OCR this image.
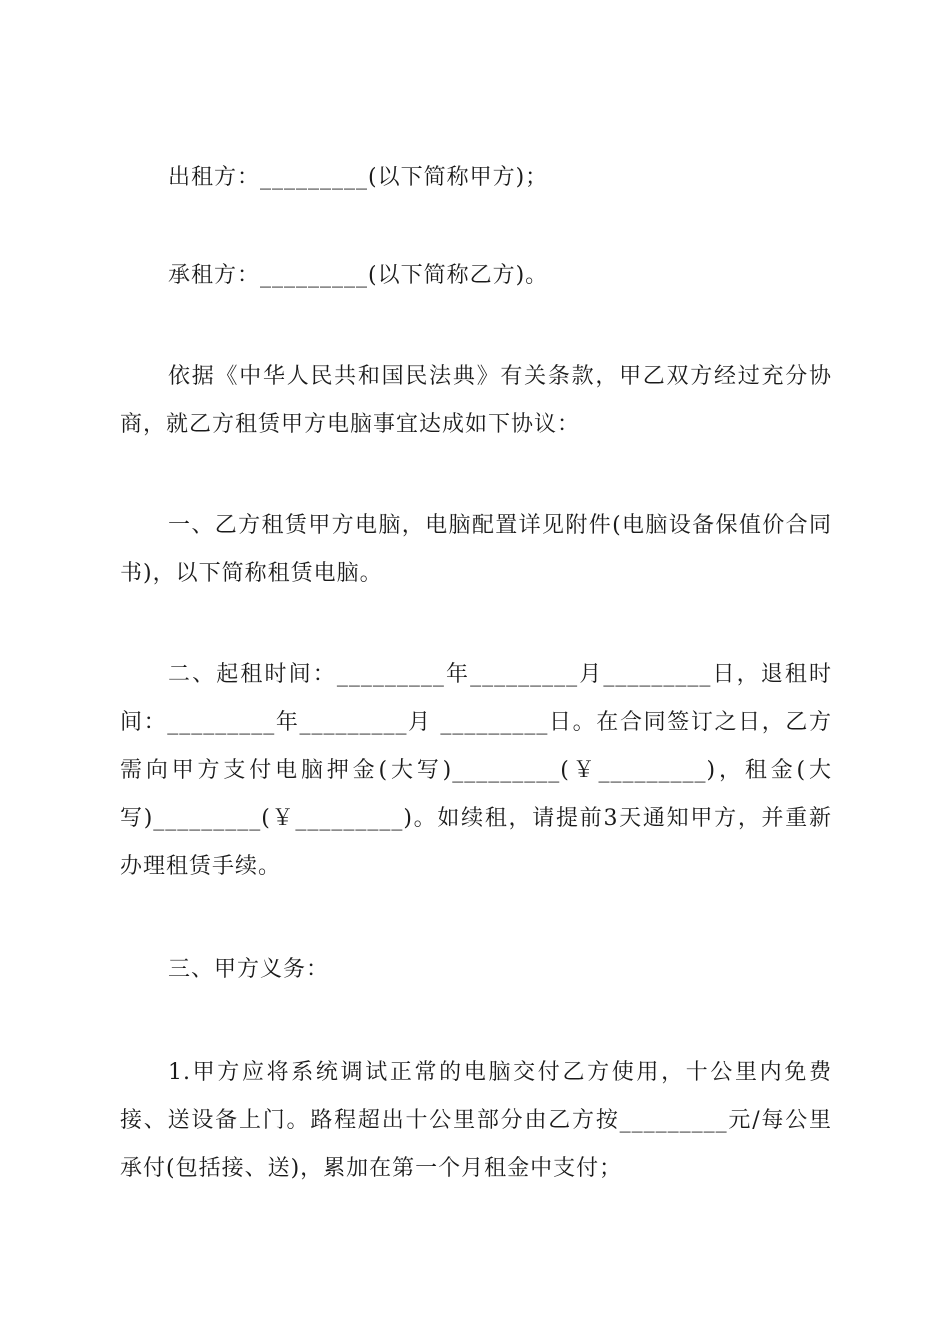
出租方：_________(以下简称甲方)；
承租方：_________(以下简称乙方)。
依据《中华人民共和国民法典》有关条款，甲乙双方经过充分协商，就乙方租赁甲方电脑事宜达成如下协议：
一、乙方租赁甲方电脑，电脑配置详见附件(电脑设备保值价合同书)，以下简称租赁电脑。
二、起租时间：_________年_________月_________日，退租时间：_________年_________月 _________日。在合同签订之日，乙方需向甲方支付电脑押金(大写)_________(￥_________)，租金(大写)_________(￥_________)。如续租，请提前3天通知甲方，并重新办理租赁手续。
三、甲方义务：
1.甲方应将系统调试正常的电脑交付乙方使用，十公里内免费接、送设备上门。路程超出十公里部分由乙方按_________元/每公里承付(包括接、送)，累加在第一个月租金中支付；
